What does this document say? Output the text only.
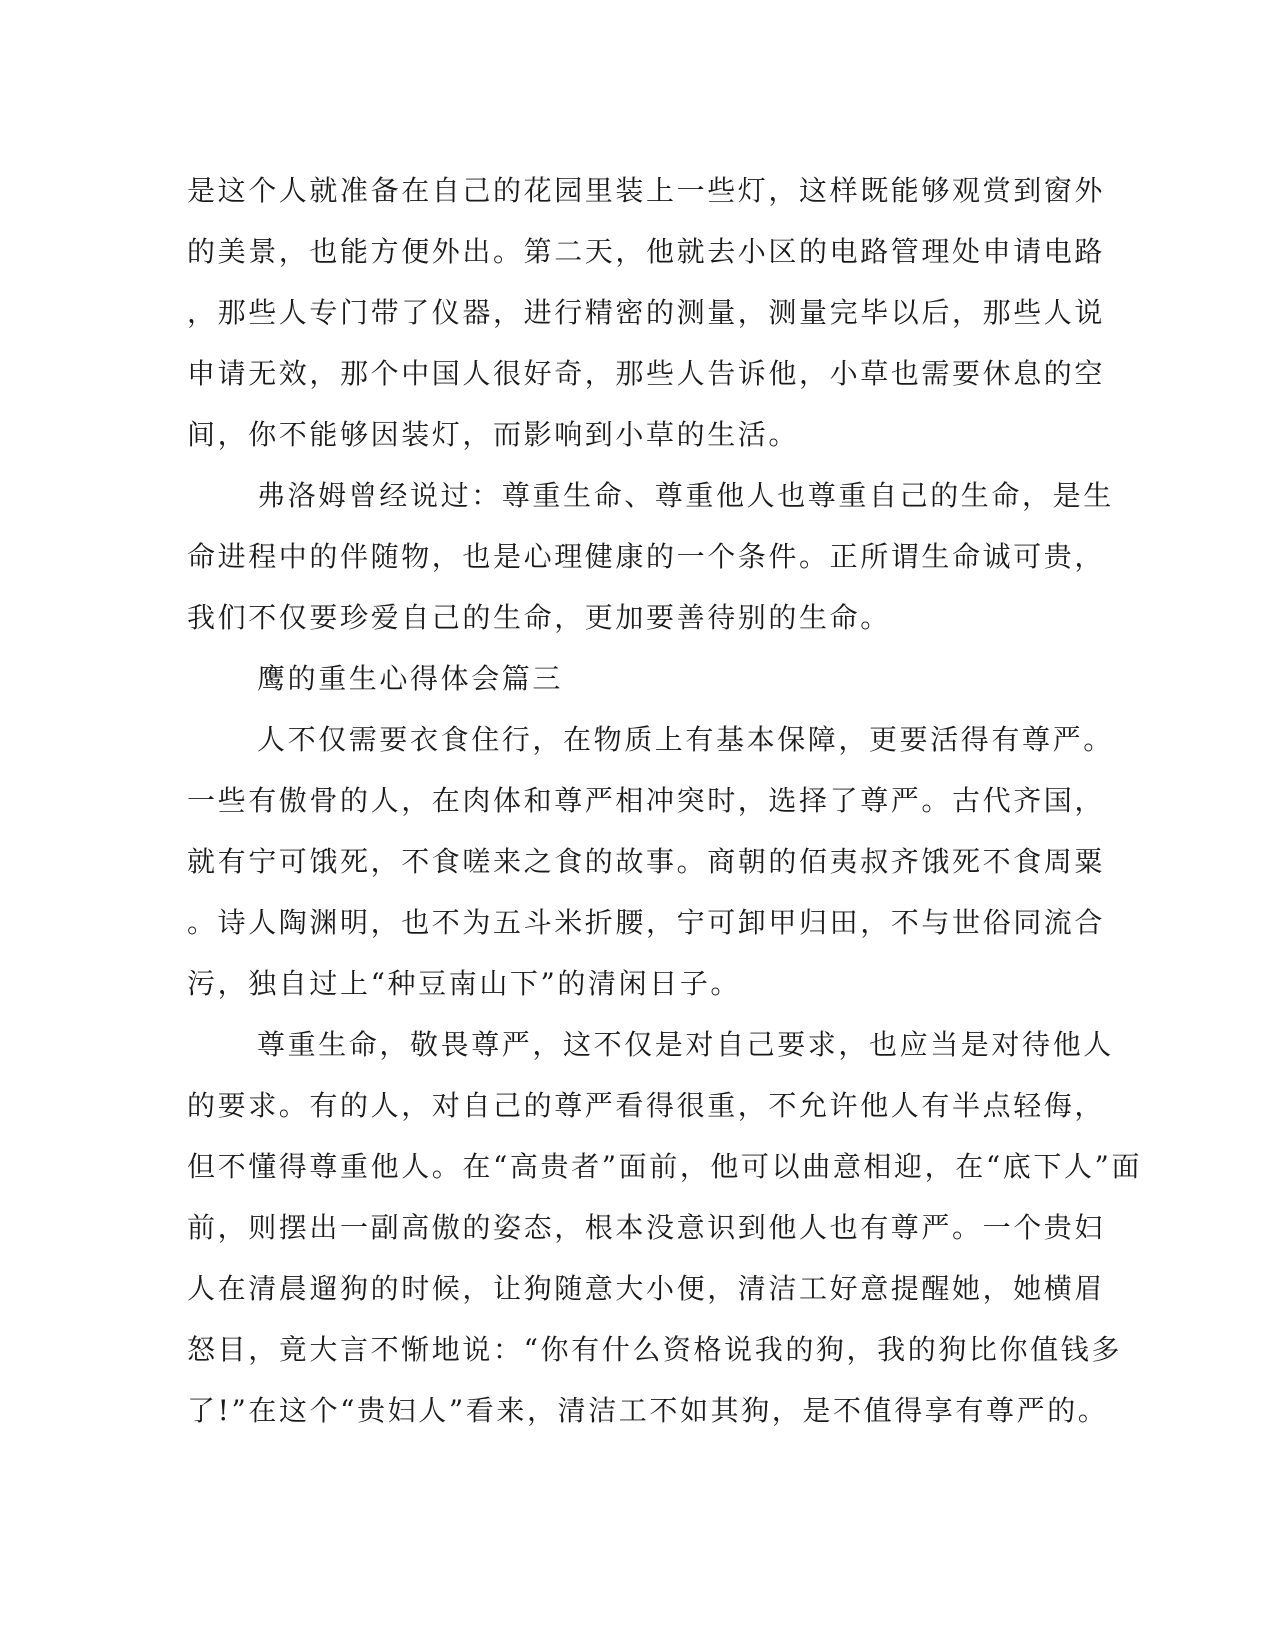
是这个人就准备在自己的花园里装上一些灯，这样既能够观赏到窗外
的美景，也能方便外出。第二天，他就去小区的电路管理处申请电路
，那些人专门带了仪器，进行精密的测量，测量完毕以后，那些人说
申请无效，那个中国人很好奇，那些人告诉他，小草也需要休息的空
间，你不能够因装灯，而影响到小草的生活。
弗洛姆曾经说过：尊重生命、尊重他人也尊重自己的生命，是生
命进程中的伴随物，也是心理健康的一个条件。正所谓生命诚可贵，
我们不仅要珍爱自己的生命，更加要善待别的生命。
鹰的重生心得体会篇三
人不仅需要衣食住行，在物质上有基本保障，更要活得有尊严。
一些有傲骨的人，在肉体和尊严相冲突时，选择了尊严。古代齐国，
就有宁可饿死，不食嗟来之食的故事。商朝的佰夷叔齐饿死不食周粟
。诗人陶渊明，也不为五斗米折腰，宁可卸甲归田，不与世俗同流合
污，独自过上“种豆南山下”的清闲日子。
尊重生命，敬畏尊严，这不仅是对自己要求，也应当是对待他人
的要求。有的人，对自己的尊严看得很重，不允许他人有半点轻侮，
但不懂得尊重他人。在“高贵者”面前，他可以曲意相迎，在“底下人”面
前，则摆出一副高傲的姿态，根本没意识到他人也有尊严。一个贵妇
人在清晨遛狗的时候，让狗随意大小便，清洁工好意提醒她，她横眉
怒目，竟大言不惭地说：“你有什么资格说我的狗，我的狗比你值钱多
了!”在这个“贵妇人”看来，清洁工不如其狗，是不值得享有尊严的。
